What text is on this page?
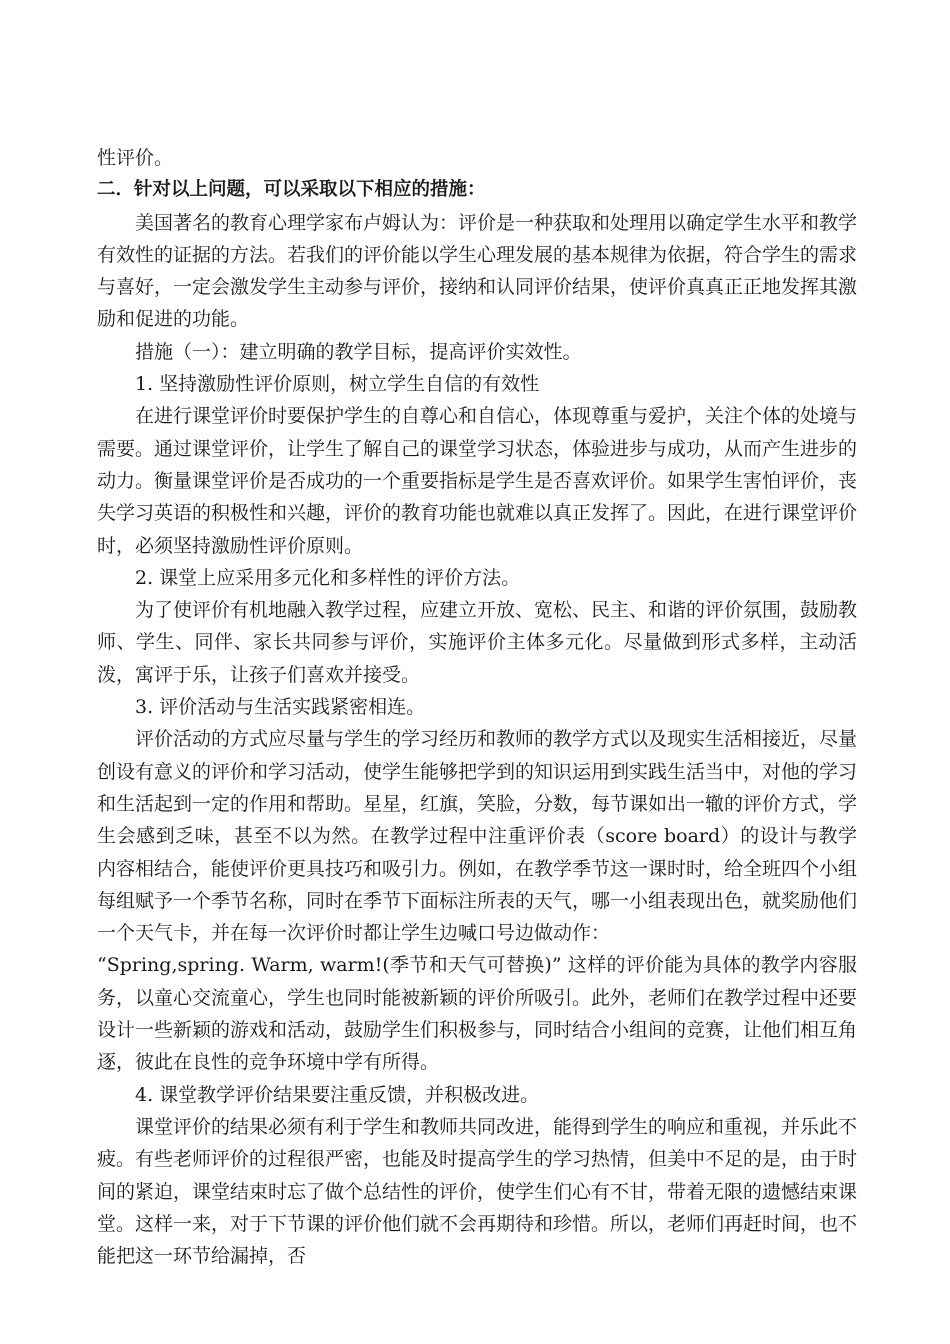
性评价。

二．针对以上问题，可以采取以下相应的措施：

美国著名的教育心理学家布卢姆认为：评价是一种获取和处理用以确定学生水平和教学有效性的证据的方法。若我们的评价能以学生心理发展的基本规律为依据，符合学生的需求与喜好，一定会激发学生主动参与评价，接纳和认同评价结果，使评价真真正正地发挥其激励和促进的功能。

措施（一）：建立明确的教学目标，提高评价实效性。

1. 坚持激励性评价原则，树立学生自信的有效性

在进行课堂评价时要保护学生的自尊心和自信心，体现尊重与爱护，关注个体的处境与需要。通过课堂评价，让学生了解自己的课堂学习状态，体验进步与成功，从而产生进步的动力。衡量课堂评价是否成功的一个重要指标是学生是否喜欢评价。如果学生害怕评价，丧失学习英语的积极性和兴趣，评价的教育功能也就难以真正发挥了。因此，在进行课堂评价时，必须坚持激励性评价原则。

2. 课堂上应采用多元化和多样性的评价方法。

为了使评价有机地融入教学过程，应建立开放、宽松、民主、和谐的评价氛围，鼓励教师、学生、同伴、家长共同参与评价，实施评价主体多元化。尽量做到形式多样，主动活泼，寓评于乐，让孩子们喜欢并接受。

3. 评价活动与生活实践紧密相连。

评价活动的方式应尽量与学生的学习经历和教师的教学方式以及现实生活相接近，尽量创设有意义的评价和学习活动，使学生能够把学到的知识运用到实践生活当中，对他的学习和生活起到一定的作用和帮助。星星，红旗，笑脸，分数，每节课如出一辙的评价方式，学生会感到乏味，甚至不以为然。在教学过程中注重评价表（score board）的设计与教学内容相结合，能使评价更具技巧和吸引力。例如，在教学季节这一课时时，给全班四个小组每组赋予一个季节名称，同时在季节下面标注所表的天气，哪一小组表现出色，就奖励他们一个天气卡，并在每一次评价时都让学生边喊口号边做动作：

“Spring,spring. Warm, warm!(季节和天气可替换)” 这样的评价能为具体的教学内容服务，以童心交流童心，学生也同时能被新颖的评价所吸引。此外，老师们在教学过程中还要设计一些新颖的游戏和活动，鼓励学生们积极参与，同时结合小组间的竞赛，让他们相互角逐，彼此在良性的竞争环境中学有所得。

4. 课堂教学评价结果要注重反馈，并积极改进。

课堂评价的结果必须有利于学生和教师共同改进，能得到学生的响应和重视，并乐此不疲。有些老师评价的过程很严密，也能及时提高学生的学习热情，但美中不足的是，由于时间的紧迫，课堂结束时忘了做个总结性的评价，使学生们心有不甘，带着无限的遗憾结束课堂。这样一来，对于下节课的评价他们就不会再期待和珍惜。所以，老师们再赶时间，也不能把这一环节给漏掉，否
